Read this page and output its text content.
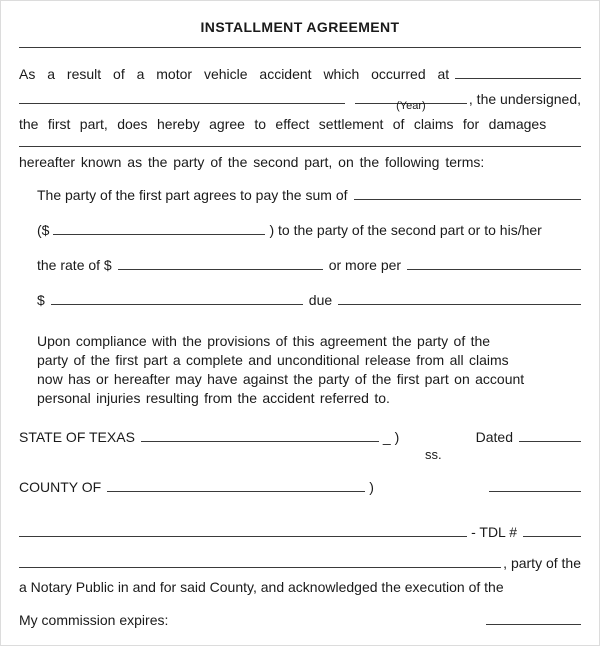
INSTALLMENT AGREEMENT
As a result of a motor vehicle accident which occurred at
(Year)	, the undersigned,
the first part, does hereby agree to effect settlement of claims for damages
hereafter known as the party of the second part, on the following terms:
The party of the first part agrees to pay the sum of
($	) to the party of the second part or to his/her
the rate of $	or more per
$	due
Upon compliance with the provisions of this agreement the party of the
party of the first part a complete and unconditional release from all claims
now has or hereafter may have against the party of the first part on account
personal injuries resulting from the accident referred to.
STATE OF TEXAS	_ )	Dated
ss.
COUNTY OF	)
- TDL #
, party of the
a Notary Public in and for said County, and acknowledged the execution of the
My commission expires:
